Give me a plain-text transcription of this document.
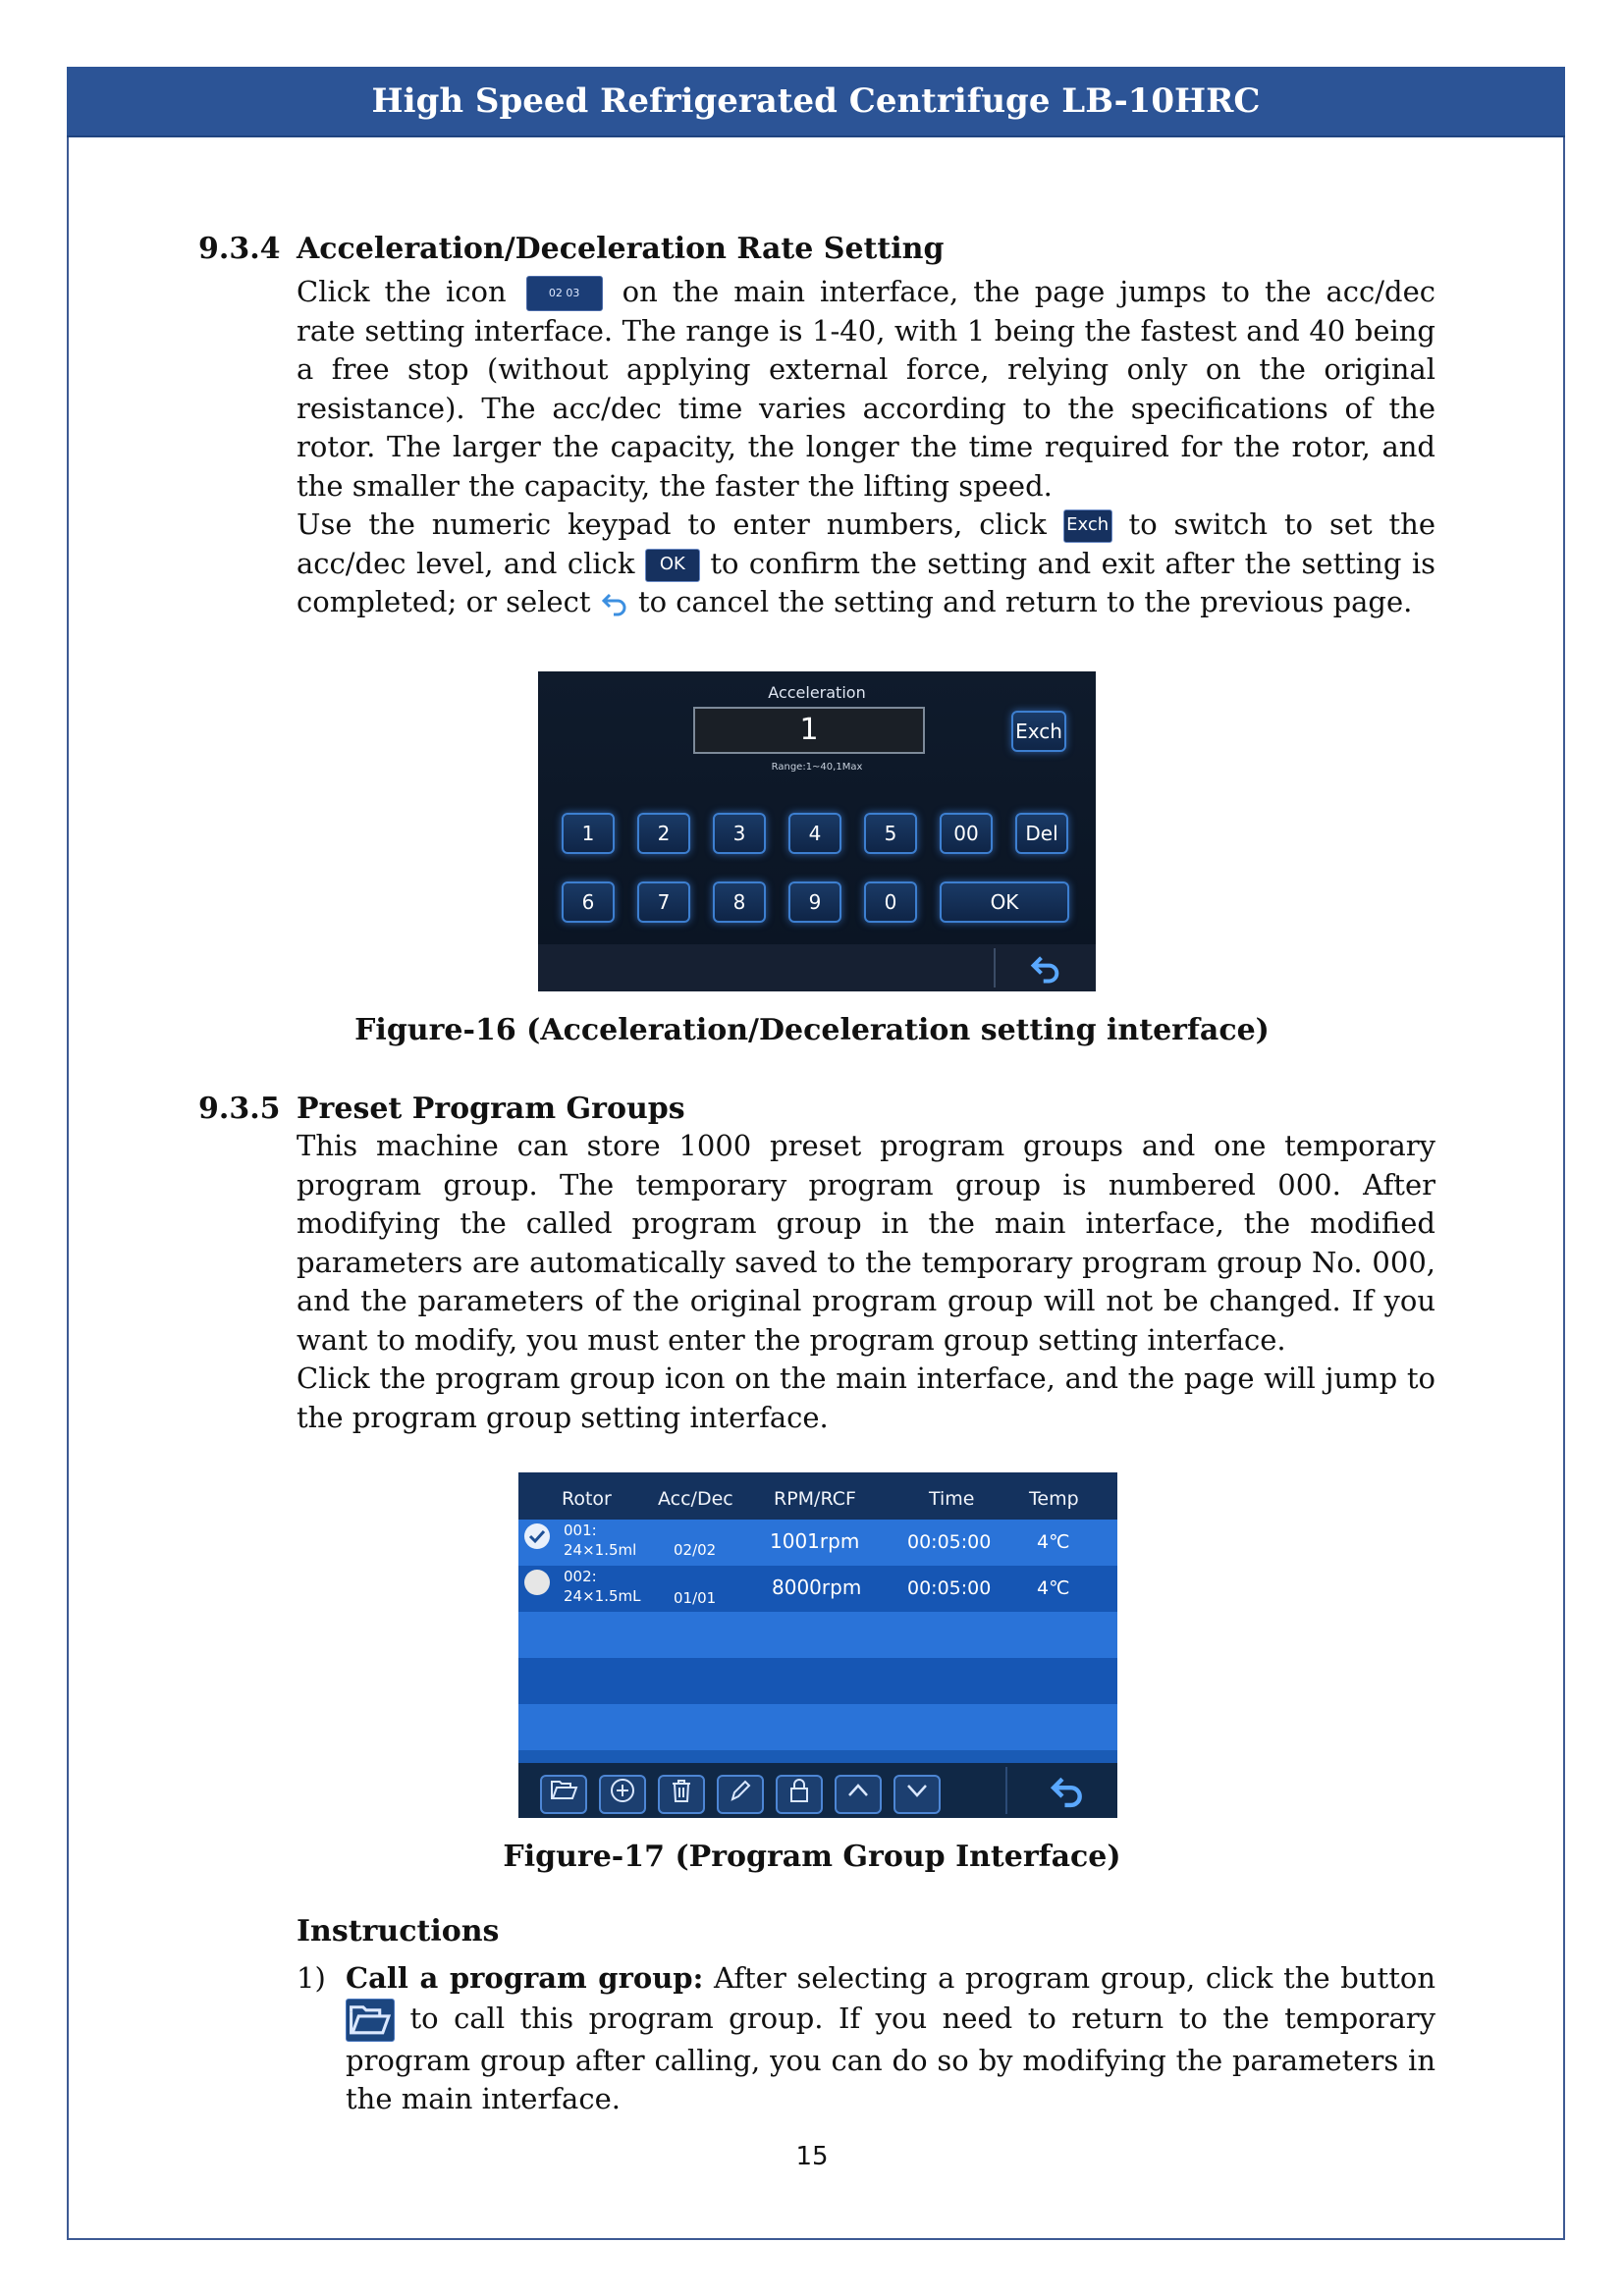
High Speed Refrigerated Centrifuge LB-10HRC
9.3.4 Acceleration/Deceleration Rate Setting

Click the icon	02 03 on the main interface, the page jumps to the acc/dec rate setting interface. The range is 1-40, with 1 being the fastest and 40 being a free stop (without applying external force, relying only on the original resistance). The acc/dec time varies according to the specifications of the rotor. The larger the capacity, the longer the time required for the rotor, and the smaller the capacity, the faster the lifting speed.

Use the numeric keypad to enter numbers, click Exch to switch to set the acc/dec level, and click OK to confirm the setting and exit after the setting is completed; or select to cancel the setting and return to the previous page.

Acceleration
1	Exch
Range:1~40,1Max
1	2	3	4	5	00	Del
6	7	8	9	0	OK
Figure-16 (Acceleration/Deceleration setting interface)
9.3.5 Preset Program Groups

This machine can store 1000 preset program groups and one temporary program group. The temporary program group is numbered 000. After modifying the called program group in the main interface, the modified parameters are automatically saved to the temporary program group No. 000, and the parameters of the original program group will not be changed. If you want to modify, you must enter the program group setting interface.

Click the program group icon on the main interface, and the page will jump to the program group setting interface.

Rotor Acc/Dec RPM/RCF	Time	Temp
001:
24×1.5ml	02/02	1001rpm	00:05:00 4℃
002:
24×1.5mL 01/01	8000rpm 00:05:00 4℃
Figure-17 (Program Group Interface)
Instructions
1) Call a program group: After selecting a program group, click the button  to call this program group. If you need to return to the temporary program group after calling, you can do so by modifying the parameters in the main interface.
15
